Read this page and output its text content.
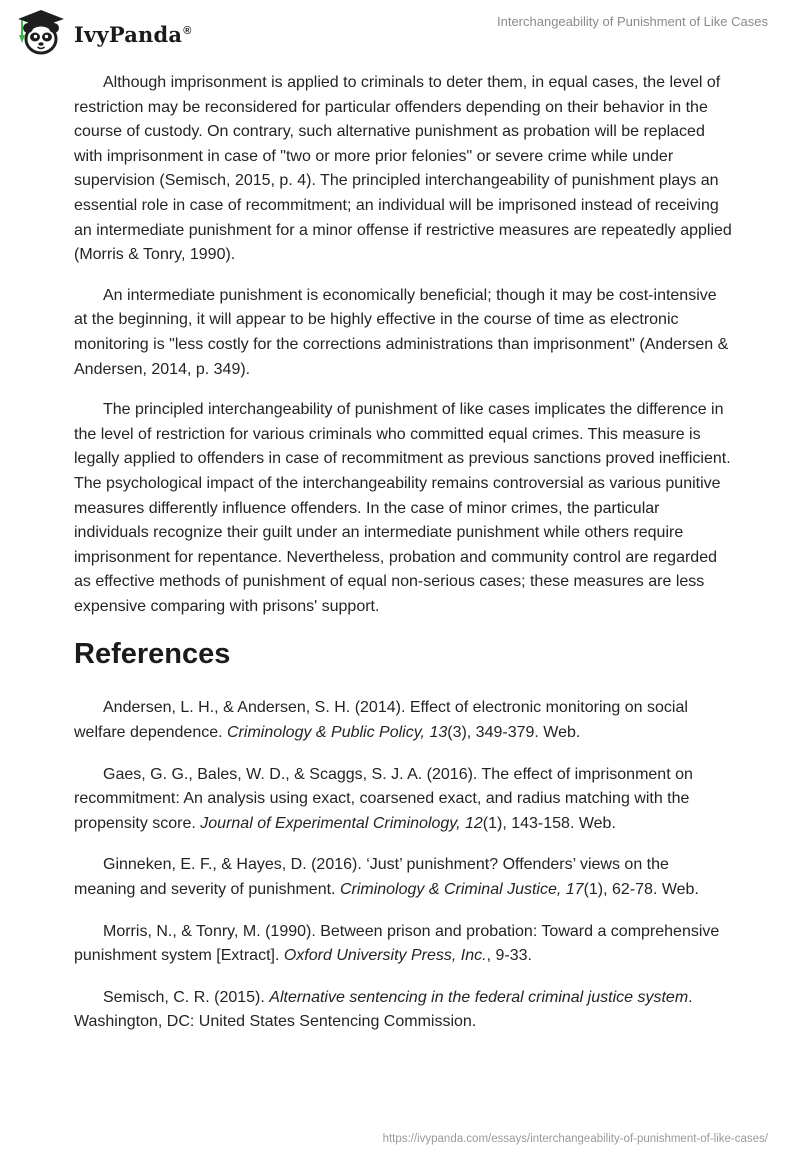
IvyPanda®
Interchangeability of Punishment of Like Cases

Although imprisonment is applied to criminals to deter them, in equal cases, the level of restriction may be reconsidered for particular offenders depending on their behavior in the course of custody. On contrary, such alternative punishment as probation will be replaced with imprisonment in case of "two or more prior felonies" or severe crime while under supervision (Semisch, 2015, p. 4). The principled interchangeability of punishment plays an essential role in case of recommitment; an individual will be imprisoned instead of receiving an intermediate punishment for a minor offense if restrictive measures are repeatedly applied (Morris & Tonry, 1990).

An intermediate punishment is economically beneficial; though it may be cost-intensive at the beginning, it will appear to be highly effective in the course of time as electronic monitoring is "less costly for the corrections administrations than imprisonment" (Andersen & Andersen, 2014, p. 349).

The principled interchangeability of punishment of like cases implicates the difference in the level of restriction for various criminals who committed equal crimes. This measure is legally applied to offenders in case of recommitment as previous sanctions proved inefficient. The psychological impact of the interchangeability remains controversial as various punitive measures differently influence offenders. In the case of minor crimes, the particular individuals recognize their guilt under an intermediate punishment while others require imprisonment for repentance. Nevertheless, probation and community control are regarded as effective methods of punishment of equal non-serious cases; these measures are less expensive comparing with prisons' support.

References

Andersen, L. H., & Andersen, S. H. (2014). Effect of electronic monitoring on social welfare dependence. Criminology & Public Policy, 13(3), 349-379. Web.

Gaes, G. G., Bales, W. D., & Scaggs, S. J. A. (2016). The effect of imprisonment on recommitment: An analysis using exact, coarsened exact, and radius matching with the propensity score. Journal of Experimental Criminology, 12(1), 143-158. Web.

Ginneken, E. F., & Hayes, D. (2016). ‘Just’ punishment? Offenders’ views on the meaning and severity of punishment. Criminology & Criminal Justice, 17(1), 62-78. Web.

Morris, N., & Tonry, M. (1990). Between prison and probation: Toward a comprehensive punishment system [Extract]. Oxford University Press, Inc., 9-33.

Semisch, C. R. (2015). Alternative sentencing in the federal criminal justice system. Washington, DC: United States Sentencing Commission.

https://ivypanda.com/essays/interchangeability-of-punishment-of-like-cases/
